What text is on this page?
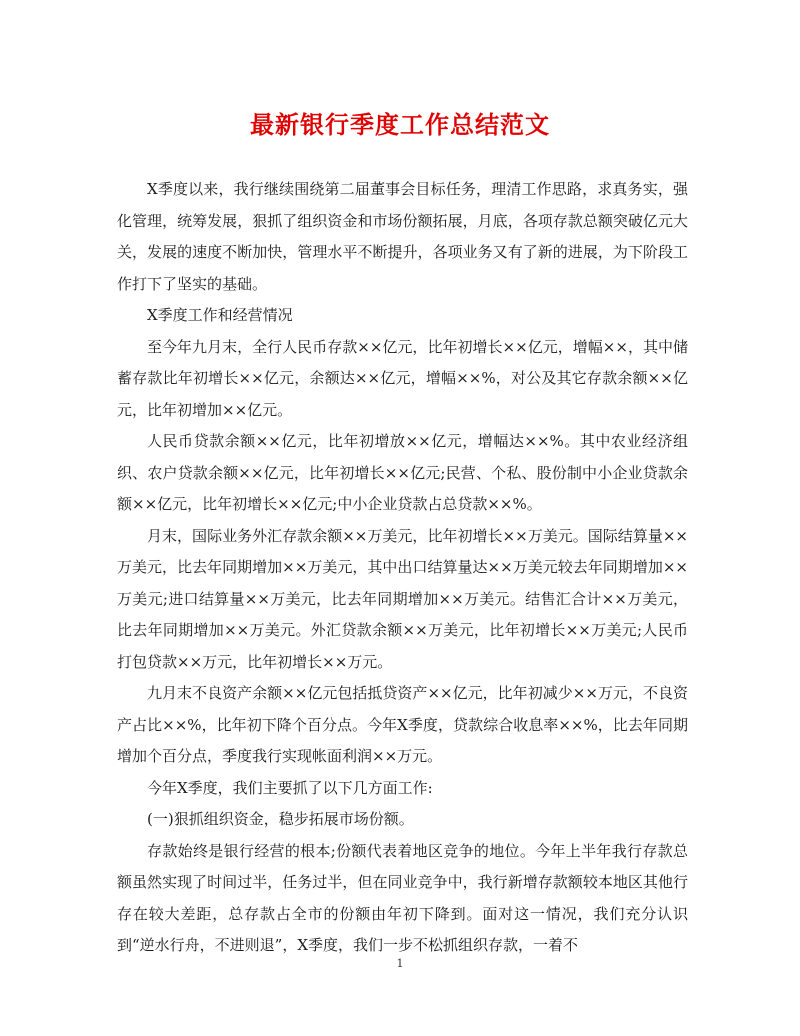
最新银行季度工作总结范文

X季度以来，我行继续围绕第二届董事会目标任务，理清工作思路，求真务实，强化管理，统筹发展，狠抓了组织资金和市场份额拓展，月底，各项存款总额突破亿元大关，发展的速度不断加快，管理水平不断提升，各项业务又有了新的进展，为下阶段工作打下了坚实的基础。

X季度工作和经营情况

至今年九月末，全行人民币存款××亿元，比年初增长××亿元，增幅××，其中储蓄存款比年初增长××亿元，余额达××亿元，增幅××%，对公及其它存款余额××亿元，比年初增加××亿元。

人民币贷款余额××亿元，比年初增放××亿元，增幅达××%。其中农业经济组织、农户贷款余额××亿元，比年初增长××亿元;民营、个私、股份制中小企业贷款余额××亿元，比年初增长××亿元;中小企业贷款占总贷款××%。

月末，国际业务外汇存款余额××万美元，比年初增长××万美元。国际结算量××万美元，比去年同期增加××万美元，其中出口结算量达××万美元较去年同期增加××万美元;进口结算量××万美元，比去年同期增加××万美元。结售汇合计××万美元，比去年同期增加××万美元。外汇贷款余额××万美元，比年初增长××万美元;人民币打包贷款××万元，比年初增长××万元。

九月末不良资产余额××亿元包括抵贷资产××亿元，比年初减少××万元，不良资产占比××%，比年初下降个百分点。今年X季度，贷款综合收息率××%，比去年同期增加个百分点，季度我行实现帐面利润××万元。

今年X季度，我们主要抓了以下几方面工作:

(一)狠抓组织资金，稳步拓展市场份额。

存款始终是银行经营的根本;份额代表着地区竞争的地位。今年上半年我行存款总额虽然实现了时间过半，任务过半，但在同业竞争中，我行新增存款额较本地区其他行存在较大差距，总存款占全市的份额由年初下降到。面对这一情况，我们充分认识到“逆水行舟，不进则退”，X季度，我们一步不松抓组织存款，一着不

1
